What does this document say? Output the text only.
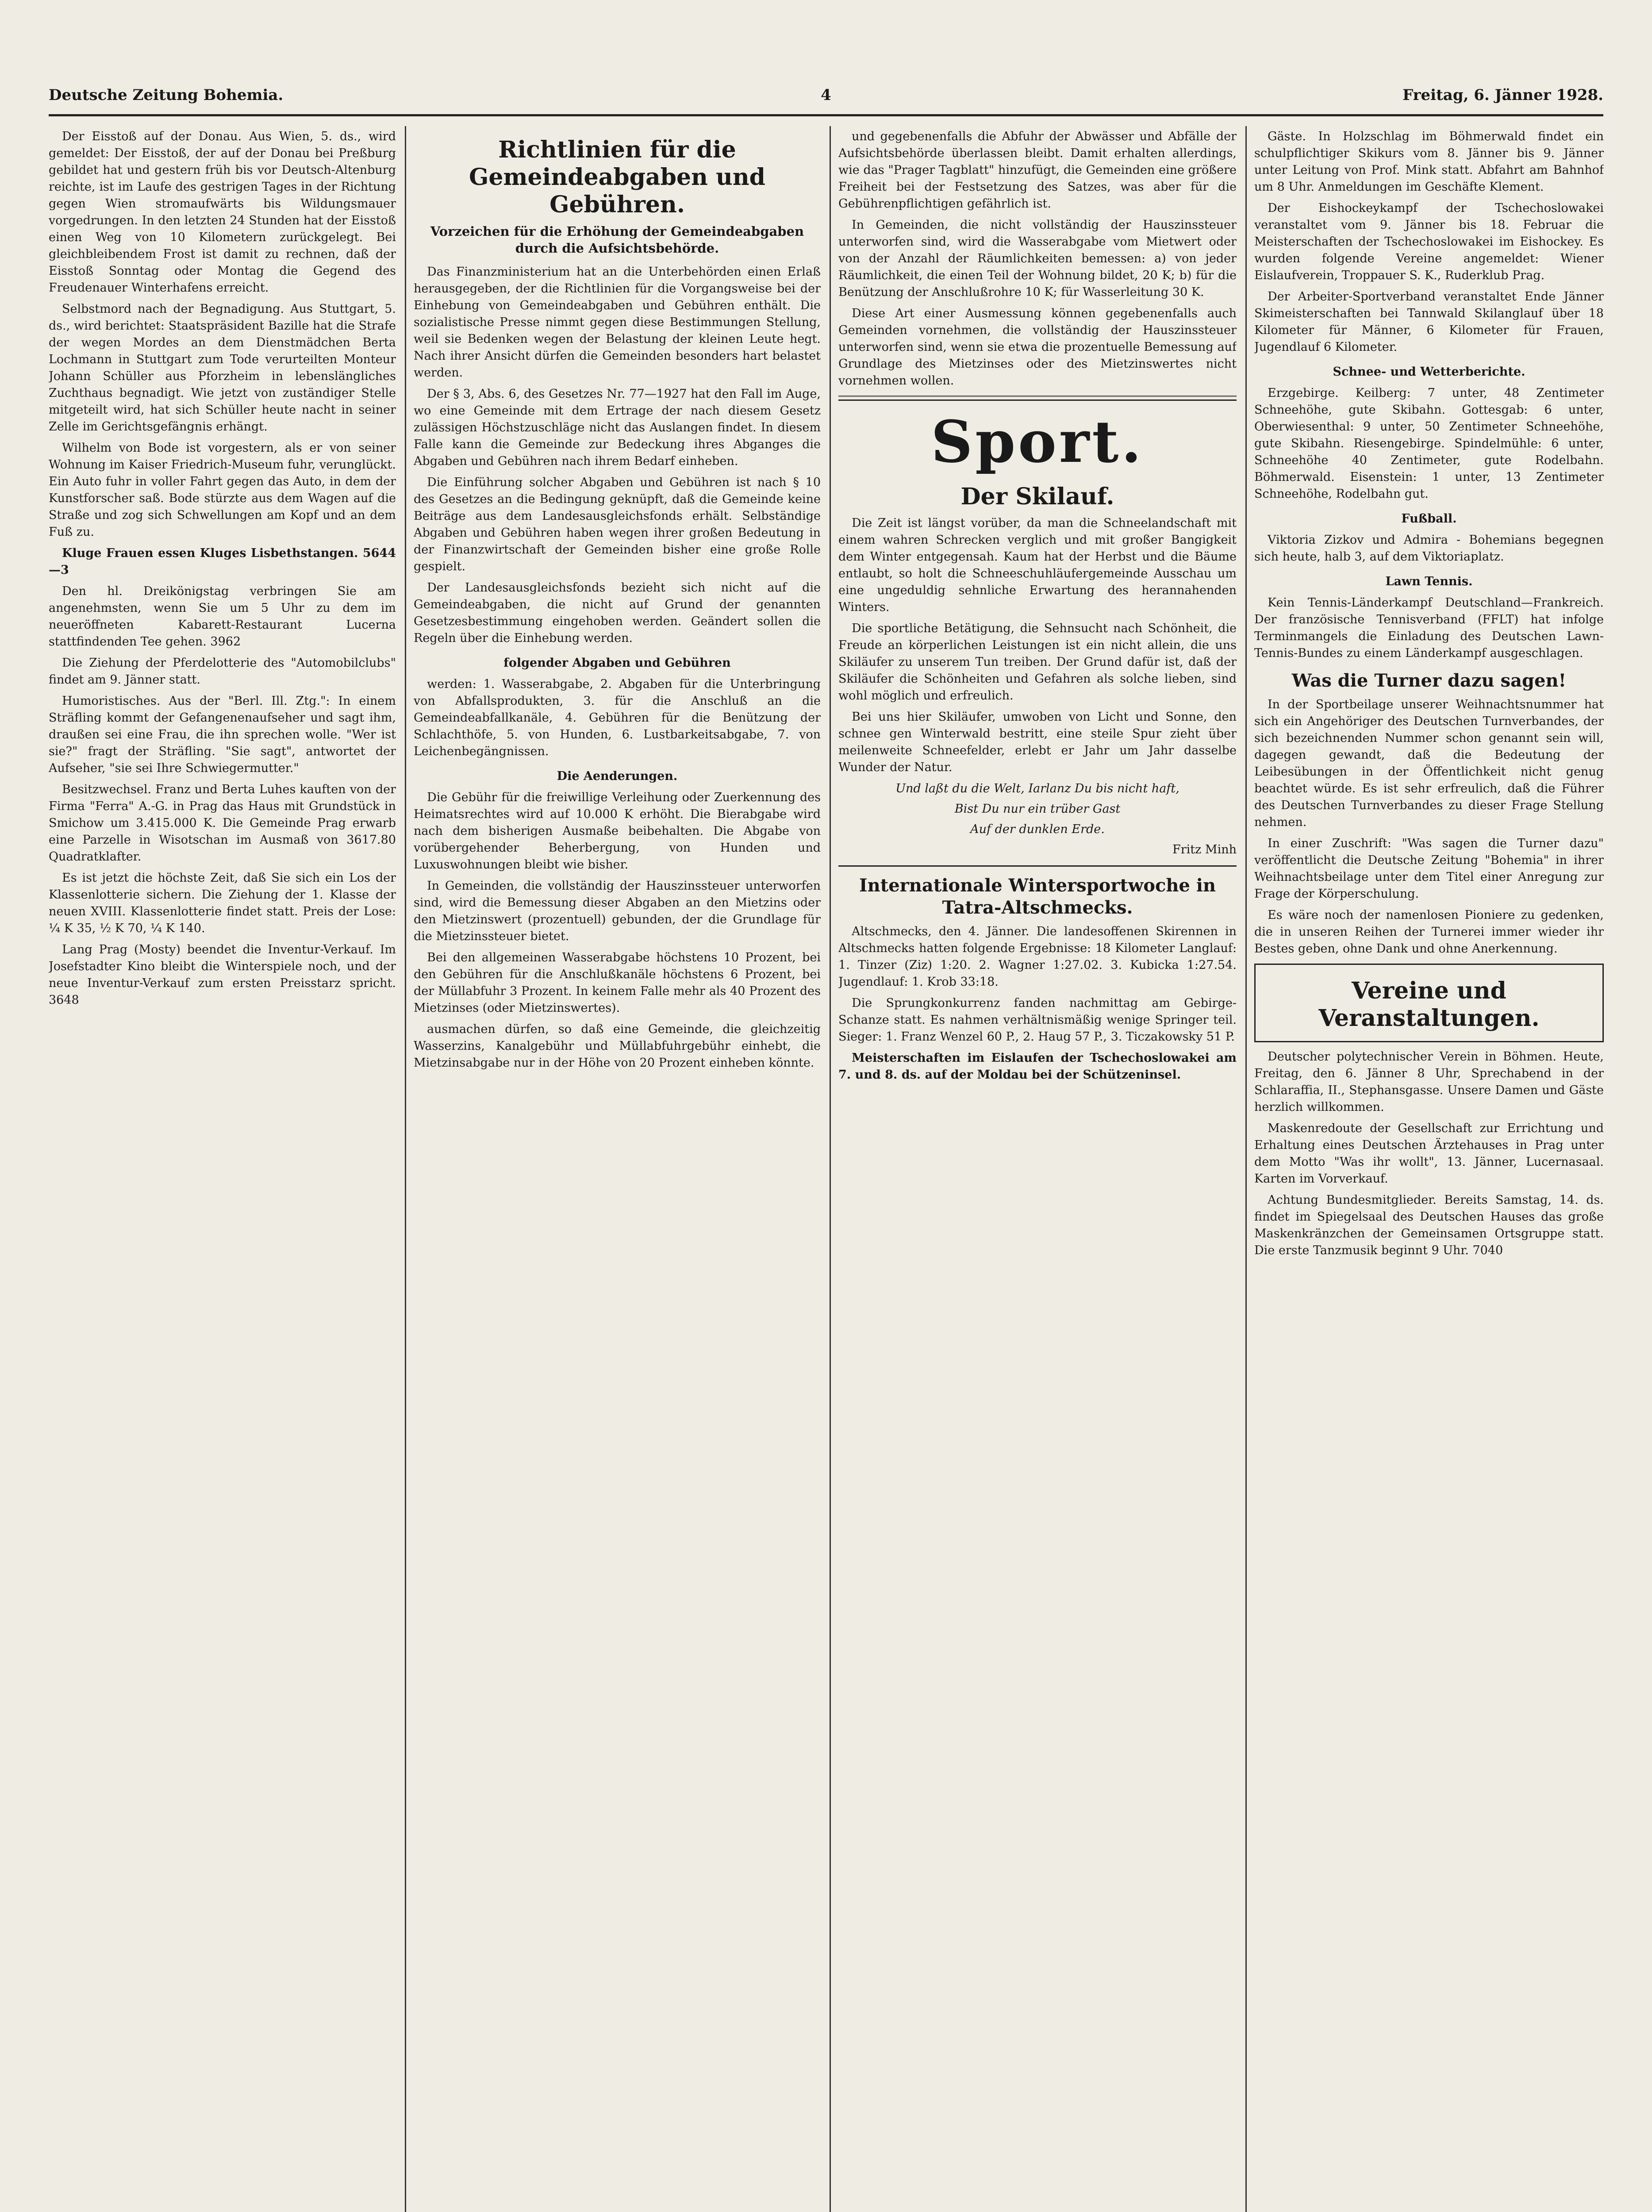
Deutsche Zeitung Bohemia.	4	Freitag, 6. Jänner 1928.

Der Eisstoß auf der Donau. Aus Wien, 5. ds., wird gemeldet: Der Eisstoß, der auf der Donau bei Preßburg gebildet hat und gestern früh bis vor Deutsch-Altenburg reichte, ist im Laufe des gestrigen Tages in der Richtung gegen Wien stromaufwärts bis Wildungsmauer vorgedrungen. In den letzten 24 Stunden hat der Eisstoß einen Weg von 10 Kilometern zurückgelegt. Bei gleichbleibendem Frost ist damit zu rechnen, daß der Eisstoß Sonntag oder Montag die Gegend des Freudenauer Winterhafens erreicht.

Selbstmord nach der Begnadigung. Aus Stuttgart, 5. ds., wird berichtet: Staatspräsident Bazille hat die Strafe der wegen Mordes an dem Dienstmädchen Berta Lochmann in Stuttgart zum Tode verurteilten Monteur Johann Schüller aus Pforzheim in lebenslängliches Zuchthaus begnadigt. Wie jetzt von zuständiger Stelle mitgeteilt wird, hat sich Schüller heute nacht in seiner Zelle im Gerichtsgefängnis erhängt.

Wilhelm von Bode ist vorgestern, als er von seiner Wohnung im Kaiser Friedrich-Museum fuhr, verunglückt. Ein Auto fuhr in voller Fahrt gegen das Auto, in dem der Kunstforscher saß. Bode stürzte aus dem Wagen auf die Straße und zog sich Schwellungen am Kopf und an dem Fuß zu.

Kluge Frauen essen Kluges Lisbethstangen. 5644—3

Den hl. Dreikönigstag verbringen Sie am angenehmsten, wenn Sie um 5 Uhr zu dem im neueröffneten Kabarett-Restaurant Lucerna stattfindenden Tee gehen. 3962

Die Ziehung der Pferdelotterie des "Automobilclubs" findet am 9. Jänner statt.

Humoristisches. Aus der "Berl. Ill. Ztg.": In einem Sträfling kommt der Gefangenenaufseher und sagt ihm, draußen sei eine Frau, die ihn sprechen wolle. "Wer ist sie?" fragt der Sträfling. "Sie sagt", antwortet der Aufseher, "sie sei Ihre Schwiegermutter."

Besitzwechsel. Franz und Berta Luhes kauften von der Firma "Ferra" A.-G. in Prag das Haus mit Grundstück in Smichow um 3.415.000 K. Die Gemeinde Prag erwarb eine Parzelle in Wisotschan im Ausmaß von 3617.80 Quadratklafter.

Es ist jetzt die höchste Zeit, daß Sie sich ein Los der Klassenlotterie sichern. Die Ziehung der 1. Klasse der neuen XVIII. Klassenlotterie findet statt. Preis der Lose: ¼ K 35, ½ K 70, ¼ K 140.

Lang Prag (Mosty) beendet die Inventur-Verkauf. Im Josefstadter Kino bleibt die Winterspiele noch, und der neue Inventur-Verkauf zum ersten Preisstarz spricht. 3648

Richtlinien für die Gemeindeabgaben und Gebühren.
Vorzeichen für die Erhöhung der Gemeindeabgaben durch die Aufsichtsbehörde.

Das Finanzministerium hat an die Unterbehörden einen Erlaß herausgegeben, der die Richtlinien für die Vorgangsweise bei der Einhebung von Gemeindeabgaben und Gebühren enthält. Die sozialistische Presse nimmt gegen diese Bestimmungen Stellung, weil sie Bedenken wegen der Belastung der kleinen Leute hegt. Nach ihrer Ansicht dürfen die Gemeinden besonders hart belastet werden.

Der § 3, Abs. 6, des Gesetzes Nr. 77—1927 hat den Fall im Auge, wo eine Gemeinde mit dem Ertrage der nach diesem Gesetz zulässigen Höchstzuschläge nicht das Auslangen findet. In diesem Falle kann die Gemeinde zur Bedeckung ihres Abganges die Abgaben und Gebühren nach ihrem Bedarf einheben.

Die Einführung solcher Abgaben und Gebühren ist nach § 10 des Gesetzes an die Bedingung geknüpft, daß die Gemeinde keine Beiträge aus dem Landesausgleichsfonds erhält. Selbständige Abgaben und Gebühren haben wegen ihrer großen Bedeutung in der Finanzwirtschaft der Gemeinden bisher eine große Rolle gespielt.

Der Landesausgleichsfonds bezieht sich nicht auf die Gemeindeabgaben, die nicht auf Grund der genannten Gesetzesbestimmung eingehoben werden. Geändert sollen die Regeln über die Einhebung werden.

folgender Abgaben und Gebühren

werden: 1. Wasserabgabe, 2. Abgaben für die Unterbringung von Abfallsprodukten, 3. für die Anschluß an die Gemeindeabfallkanäle, 4. Gebühren für die Benützung der Schlachthöfe, 5. von Hunden, 6. Lustbarkeitsabgabe, 7. von Leichenbegängnissen.

Die Aenderungen.

Die Gebühr für die freiwillige Verleihung oder Zuerkennung des Heimatsrechtes wird auf 10.000 K erhöht. Die Bierabgabe wird nach dem bisherigen Ausmaße beibehalten. Die Abgabe von vorübergehender Beherbergung, von Hunden und Luxuswohnungen bleibt wie bisher.

In Gemeinden, die vollständig der Hauszinssteuer unterworfen sind, wird die Bemessung dieser Abgaben an den Mietzins oder den Mietzinswert (prozentuell) gebunden, der die Grundlage für die Mietzinssteuer bietet.

Bei den allgemeinen Wasserabgabe höchstens 10 Prozent, bei den Gebühren für die Anschlußkanäle höchstens 6 Prozent, bei der Müllabfuhr 3 Prozent. In keinem Falle mehr als 40 Prozent des Mietzinses (oder Mietzinswertes).

ausmachen dürfen, so daß eine Gemeinde, die gleichzeitig Wasserzins, Kanalgebühr und Müllabfuhrgebühr einhebt, die Mietzinsabgabe nur in der Höhe von 20 Prozent einheben könnte.

und gegebenenfalls die Abfuhr der Abwässer und Abfälle der Aufsichtsbehörde überlassen bleibt. Damit erhalten allerdings, wie das "Prager Tagblatt" hinzufügt, die Gemeinden eine größere Freiheit bei der Festsetzung des Satzes, was aber für die Gebührenpflichtigen gefährlich ist.

In Gemeinden, die nicht vollständig der Hauszinssteuer unterworfen sind, wird die Wasserabgabe vom Mietwert oder von der Anzahl der Räumlichkeiten bemessen: a) von jeder Räumlichkeit, die einen Teil der Wohnung bildet, 20 K; b) für die Benützung der Anschlußrohre 10 K; für Wasserleitung 30 K.

Diese Art einer Ausmessung können gegebenenfalls auch Gemeinden vornehmen, die vollständig der Hauszinssteuer unterworfen sind, wenn sie etwa die prozentuelle Bemessung auf Grundlage des Mietzinses oder des Mietzinswertes nicht vornehmen wollen.

Sport.
Der Skilauf.

Die Zeit ist längst vorüber, da man die Schneelandschaft mit einem wahren Schrecken verglich und mit großer Bangigkeit dem Winter entgegensah. Kaum hat der Herbst und die Bäume entlaubt, so holt die Schneeschuhläufergemeinde Ausschau um eine ungeduldig sehnliche Erwartung des herannahenden Winters.

Die sportliche Betätigung, die Sehnsucht nach Schönheit, die Freude an körperlichen Leistungen ist ein nicht allein, die uns Skiläufer zu unserem Tun treiben. Der Grund dafür ist, daß der Skiläufer die Schönheiten und Gefahren als solche lieben, sind wohl möglich und erfreulich.

Bei uns hier Skiläufer, umwoben von Licht und Sonne, den schnee gen Winterwald bestritt, eine steile Spur zieht über meilenweite Schneefelder, erlebt er Jahr um Jahr dasselbe Wunder der Natur.

Und laßt du die Welt, Iarlanz Du bis nicht haft,
Bist Du nur ein trüber Gast
Auf der dunklen Erde.
Fritz Minh
Internationale Wintersportwoche in Tatra-Altschmecks.

Altschmecks, den 4. Jänner. Die landesoffenen Skirennen in Altschmecks hatten folgende Ergebnisse: 18 Kilometer Langlauf: 1. Tinzer (Ziz) 1:20. 2. Wagner 1:27.02. 3. Kubicka 1:27.54. Jugendlauf: 1. Krob 33:18.

Die Sprungkonkurrenz fanden nachmittag am Gebirge-Schanze statt. Es nahmen verhältnismäßig wenige Springer teil. Sieger: 1. Franz Wenzel 60 P., 2. Haug 57 P., 3. Ticzakowsky 51 P.

Meisterschaften im Eislaufen der Tschechoslowakei am 7. und 8. ds. auf der Moldau bei der Schützeninsel.

Gäste. In Holzschlag im Böhmerwald findet ein schulpflichtiger Skikurs vom 8. Jänner bis 9. Jänner unter Leitung von Prof. Mink statt. Abfahrt am Bahnhof um 8 Uhr. Anmeldungen im Geschäfte Klement.

Der Eishockeykampf der Tschechoslowakei veranstaltet vom 9. Jänner bis 18. Februar die Meisterschaften der Tschechoslowakei im Eishockey. Es wurden folgende Vereine angemeldet: Wiener Eislaufverein, Troppauer S. K., Ruderklub Prag.

Der Arbeiter-Sportverband veranstaltet Ende Jänner Skimeisterschaften bei Tannwald Skilanglauf über 18 Kilometer für Männer, 6 Kilometer für Frauen, Jugendlauf 6 Kilometer.

Schnee- und Wetterberichte.

Erzgebirge. Keilberg: 7 unter, 48 Zentimeter Schneehöhe, gute Skibahn. Gottesgab: 6 unter, Oberwiesenthal: 9 unter, 50 Zentimeter Schneehöhe, gute Skibahn. Riesengebirge. Spindelmühle: 6 unter, Schneehöhe 40 Zentimeter, gute Rodelbahn. Böhmerwald. Eisenstein: 1 unter, 13 Zentimeter Schneehöhe, Rodelbahn gut.

Fußball.

Viktoria Zizkov und Admira - Bohemians begegnen sich heute, halb 3, auf dem Viktoriaplatz.

Lawn Tennis.

Kein Tennis-Länderkampf Deutschland—Frankreich. Der französische Tennisverband (FFLT) hat infolge Terminmangels die Einladung des Deutschen Lawn-Tennis-Bundes zu einem Länderkampf ausgeschlagen.

Was die Turner dazu sagen!

In der Sportbeilage unserer Weihnachtsnummer hat sich ein Angehöriger des Deutschen Turnverbandes, der sich bezeichnenden Nummer schon genannt sein will, dagegen gewandt, daß die Bedeutung der Leibesübungen in der Öffentlichkeit nicht genug beachtet würde. Es ist sehr erfreulich, daß die Führer des Deutschen Turnverbandes zu dieser Frage Stellung nehmen.

In einer Zuschrift: "Was sagen die Turner dazu" veröffentlicht die Deutsche Zeitung "Bohemia" in ihrer Weihnachtsbeilage unter dem Titel einer Anregung zur Frage der Körperschulung.

Es wäre noch der namenlosen Pioniere zu gedenken, die in unseren Reihen der Turnerei immer wieder ihr Bestes geben, ohne Dank und ohne Anerkennung.

Vereine und Veranstaltungen.

Deutscher polytechnischer Verein in Böhmen. Heute, Freitag, den 6. Jänner 8 Uhr, Sprechabend in der Schlaraffia, II., Stephansgasse. Unsere Damen und Gäste herzlich willkommen.

Maskenredoute der Gesellschaft zur Errichtung und Erhaltung eines Deutschen Ärztehauses in Prag unter dem Motto "Was ihr wollt", 13. Jänner, Lucernasaal. Karten im Vorverkauf.

Achtung Bundesmitglieder. Bereits Samstag, 14. ds. findet im Spiegelsaal des Deutschen Hauses das große Maskenkränzchen der Gemeinsamen Ortsgruppe statt. Die erste Tanzmusik beginnt 9 Uhr. 7040
